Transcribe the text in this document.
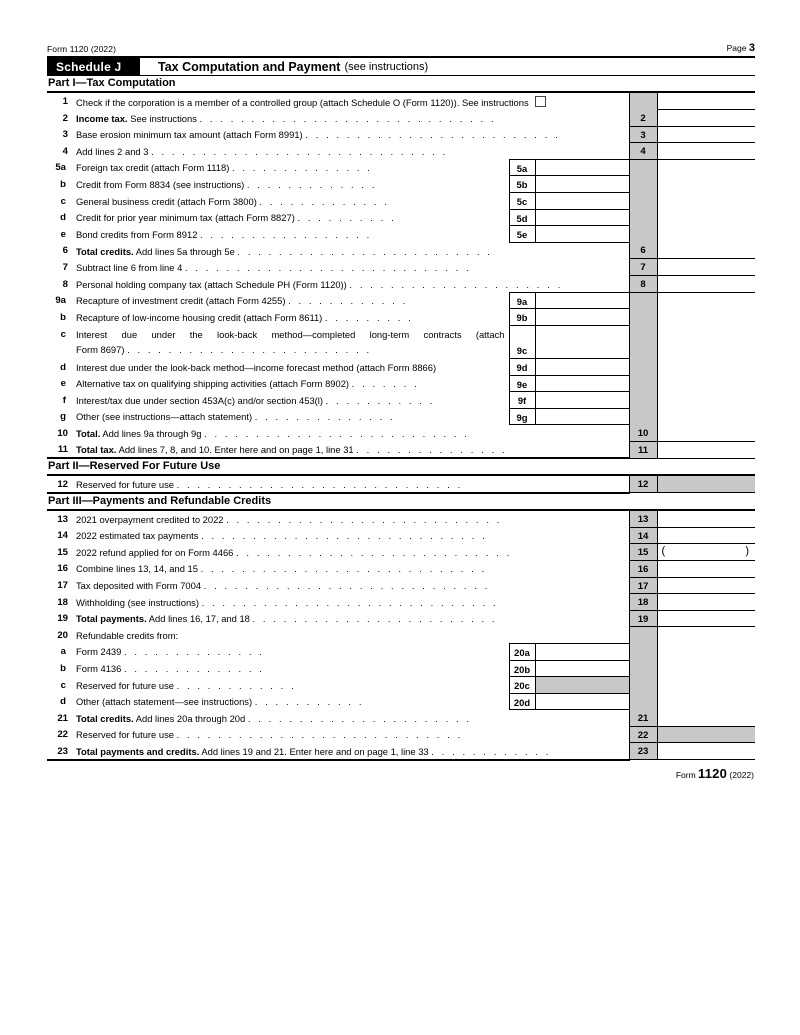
Form 1120 (2022)	Page 3
Schedule J	Tax Computation and Payment (see instructions)
Part I—Tax Computation
1	Check if the corporation is a member of a controlled group (attach Schedule O (Form 1120)). See instructions				
2	Income tax. See instructions . . . . . . . . . . . . . . . . . . . . . . . . . . . . .			2	
3	Base erosion minimum tax amount (attach Form 8991) . . . . . . . . . . . . . . . . . . . . . . . . .			3	
4	Add lines 2 and 3 . . . . . . . . . . . . . . . . . . . . . . . . . . . . .			4	
5a	Foreign tax credit (attach Form 1118) . . . . . . . . . . . . . .	5a			
b	Credit from Form 8834 (see instructions) . . . . . . . . . . . . .	5b			
c	General business credit (attach Form 3800) . . . . . . . . . . . . .	5c			
d	Credit for prior year minimum tax (attach Form 8827) . . . . . . . . . .	5d			
e	Bond credits from Form 8912 . . . . . . . . . . . . . . . . .	5e			
6	Total credits. Add lines 5a through 5e . . . . . . . . . . . . . . . . . . . . . . . . .			6	
7	Subtract line 6 from line 4 . . . . . . . . . . . . . . . . . . . . . . . . . . . .			7	
8	Personal holding company tax (attach Schedule PH (Form 1120)) . . . . . . . . . . . . . . . . . . . . .			8	
9a	Recapture of investment credit (attach Form 4255) . . . . . . . . . . . .	9a			
b	Recapture of low-income housing credit (attach Form 8611) . . . . . . . . .	9b			
c	Interest due under the look-back method—completed long-term contracts (attach
Form 8697) . . . . . . . . . . . . . . . . . . . . . . . .	9c			
d	Interest due under the look-back method—income forecast method (attach Form 8866)	9d			
e	Alternative tax on qualifying shipping activities (attach Form 8902) . . . . . . .	9e			
f	Interest/tax due under section 453A(c) and/or section 453(l) . . . . . . . . . . .	9f			
g	Other (see instructions—attach statement) . . . . . . . . . . . . . .	9g			
10	Total. Add lines 9a through 9g . . . . . . . . . . . . . . . . . . . . . . . . . .			10	
11	Total tax. Add lines 7, 8, and 10. Enter here and on page 1, line 31 . . . . . . . . . . . . . . .			11	
Part II—Reserved For Future Use
12	Reserved for future use . . . . . . . . . . . . . . . . . . . . . . . . . . . .	12	
Part III—Payments and Refundable Credits
13	2021 overpayment credited to 2022 . . . . . . . . . . . . . . . . . . . . . . . . . . .			13	
14	2022 estimated tax payments . . . . . . . . . . . . . . . . . . . . . . . . . . . .			14	
15	2022 refund applied for on Form 4466 . . . . . . . . . . . . . . . . . . . . . . . . . . .			15	( )

16	Combine lines 13, 14, and 15 . . . . . . . . . . . . . . . . . . . . . . . . . . . .			16	
17	Tax deposited with Form 7004 . . . . . . . . . . . . . . . . . . . . . . . . . . . .			17	
18	Withholding (see instructions) . . . . . . . . . . . . . . . . . . . . . . . . . . . . .			18	
19	Total payments. Add lines 16, 17, and 18 . . . . . . . . . . . . . . . . . . . . . . . .			19	
20	Refundable credits from:				
a	Form 2439 . . . . . . . . . . . . . .	20a			
b	Form 4136 . . . . . . . . . . . . . .	20b			
c	Reserved for future use . . . . . . . . . . . .	20c			
d	Other (attach statement—see instructions) . . . . . . . . . . .	20d			
21	Total credits. Add lines 20a through 20d . . . . . . . . . . . . . . . . . . . . . .			21	
22	Reserved for future use . . . . . . . . . . . . . . . . . . . . . . . . . . . .			22	
23	Total payments and credits. Add lines 19 and 21. Enter here and on page 1, line 33 . . . . . . . . . . . .			23	
Form 1120 (2022)
